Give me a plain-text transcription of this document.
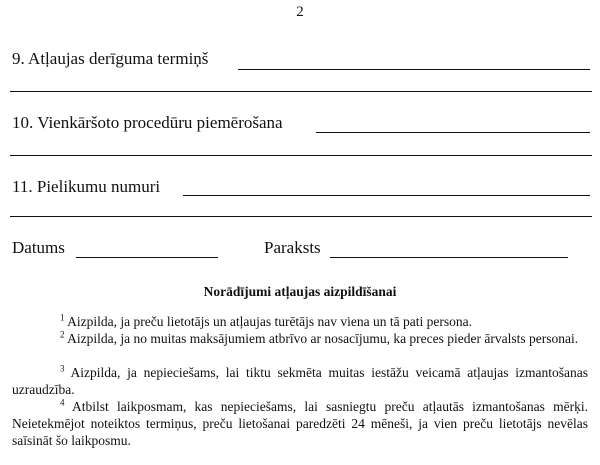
2
9. Atļaujas derīguma termiņš
10. Vienkāršoto procedūru piemērošana
11. Pielikumu numuri
Datums	Paraksts
Norādījumi atļaujas aizpildīšanai
$^1$ Aizpilda, ja preču lietotājs un atļaujas turētājs nav viena un tā pati persona.
$^2$ Aizpilda, ja no muitas maksājumiem atbrīvo ar nosacījumu, ka preces pieder ārvalsts personai.
$^3$ Aizpilda, ja nepieciešams, lai tiktu sekmēta muitas iestāžu veicamā atļaujas izmantošanas uzraudzība.
$^4$ Atbilst laikposmam, kas nepieciešams, lai sasniegtu preču atļautās izmantošanas mērķi. Neietekmējot noteiktos termiņus, preču lietošanai paredzēti 24 mēneši, ja vien preču lietotājs nevēlas saīsināt šo laikposmu.
